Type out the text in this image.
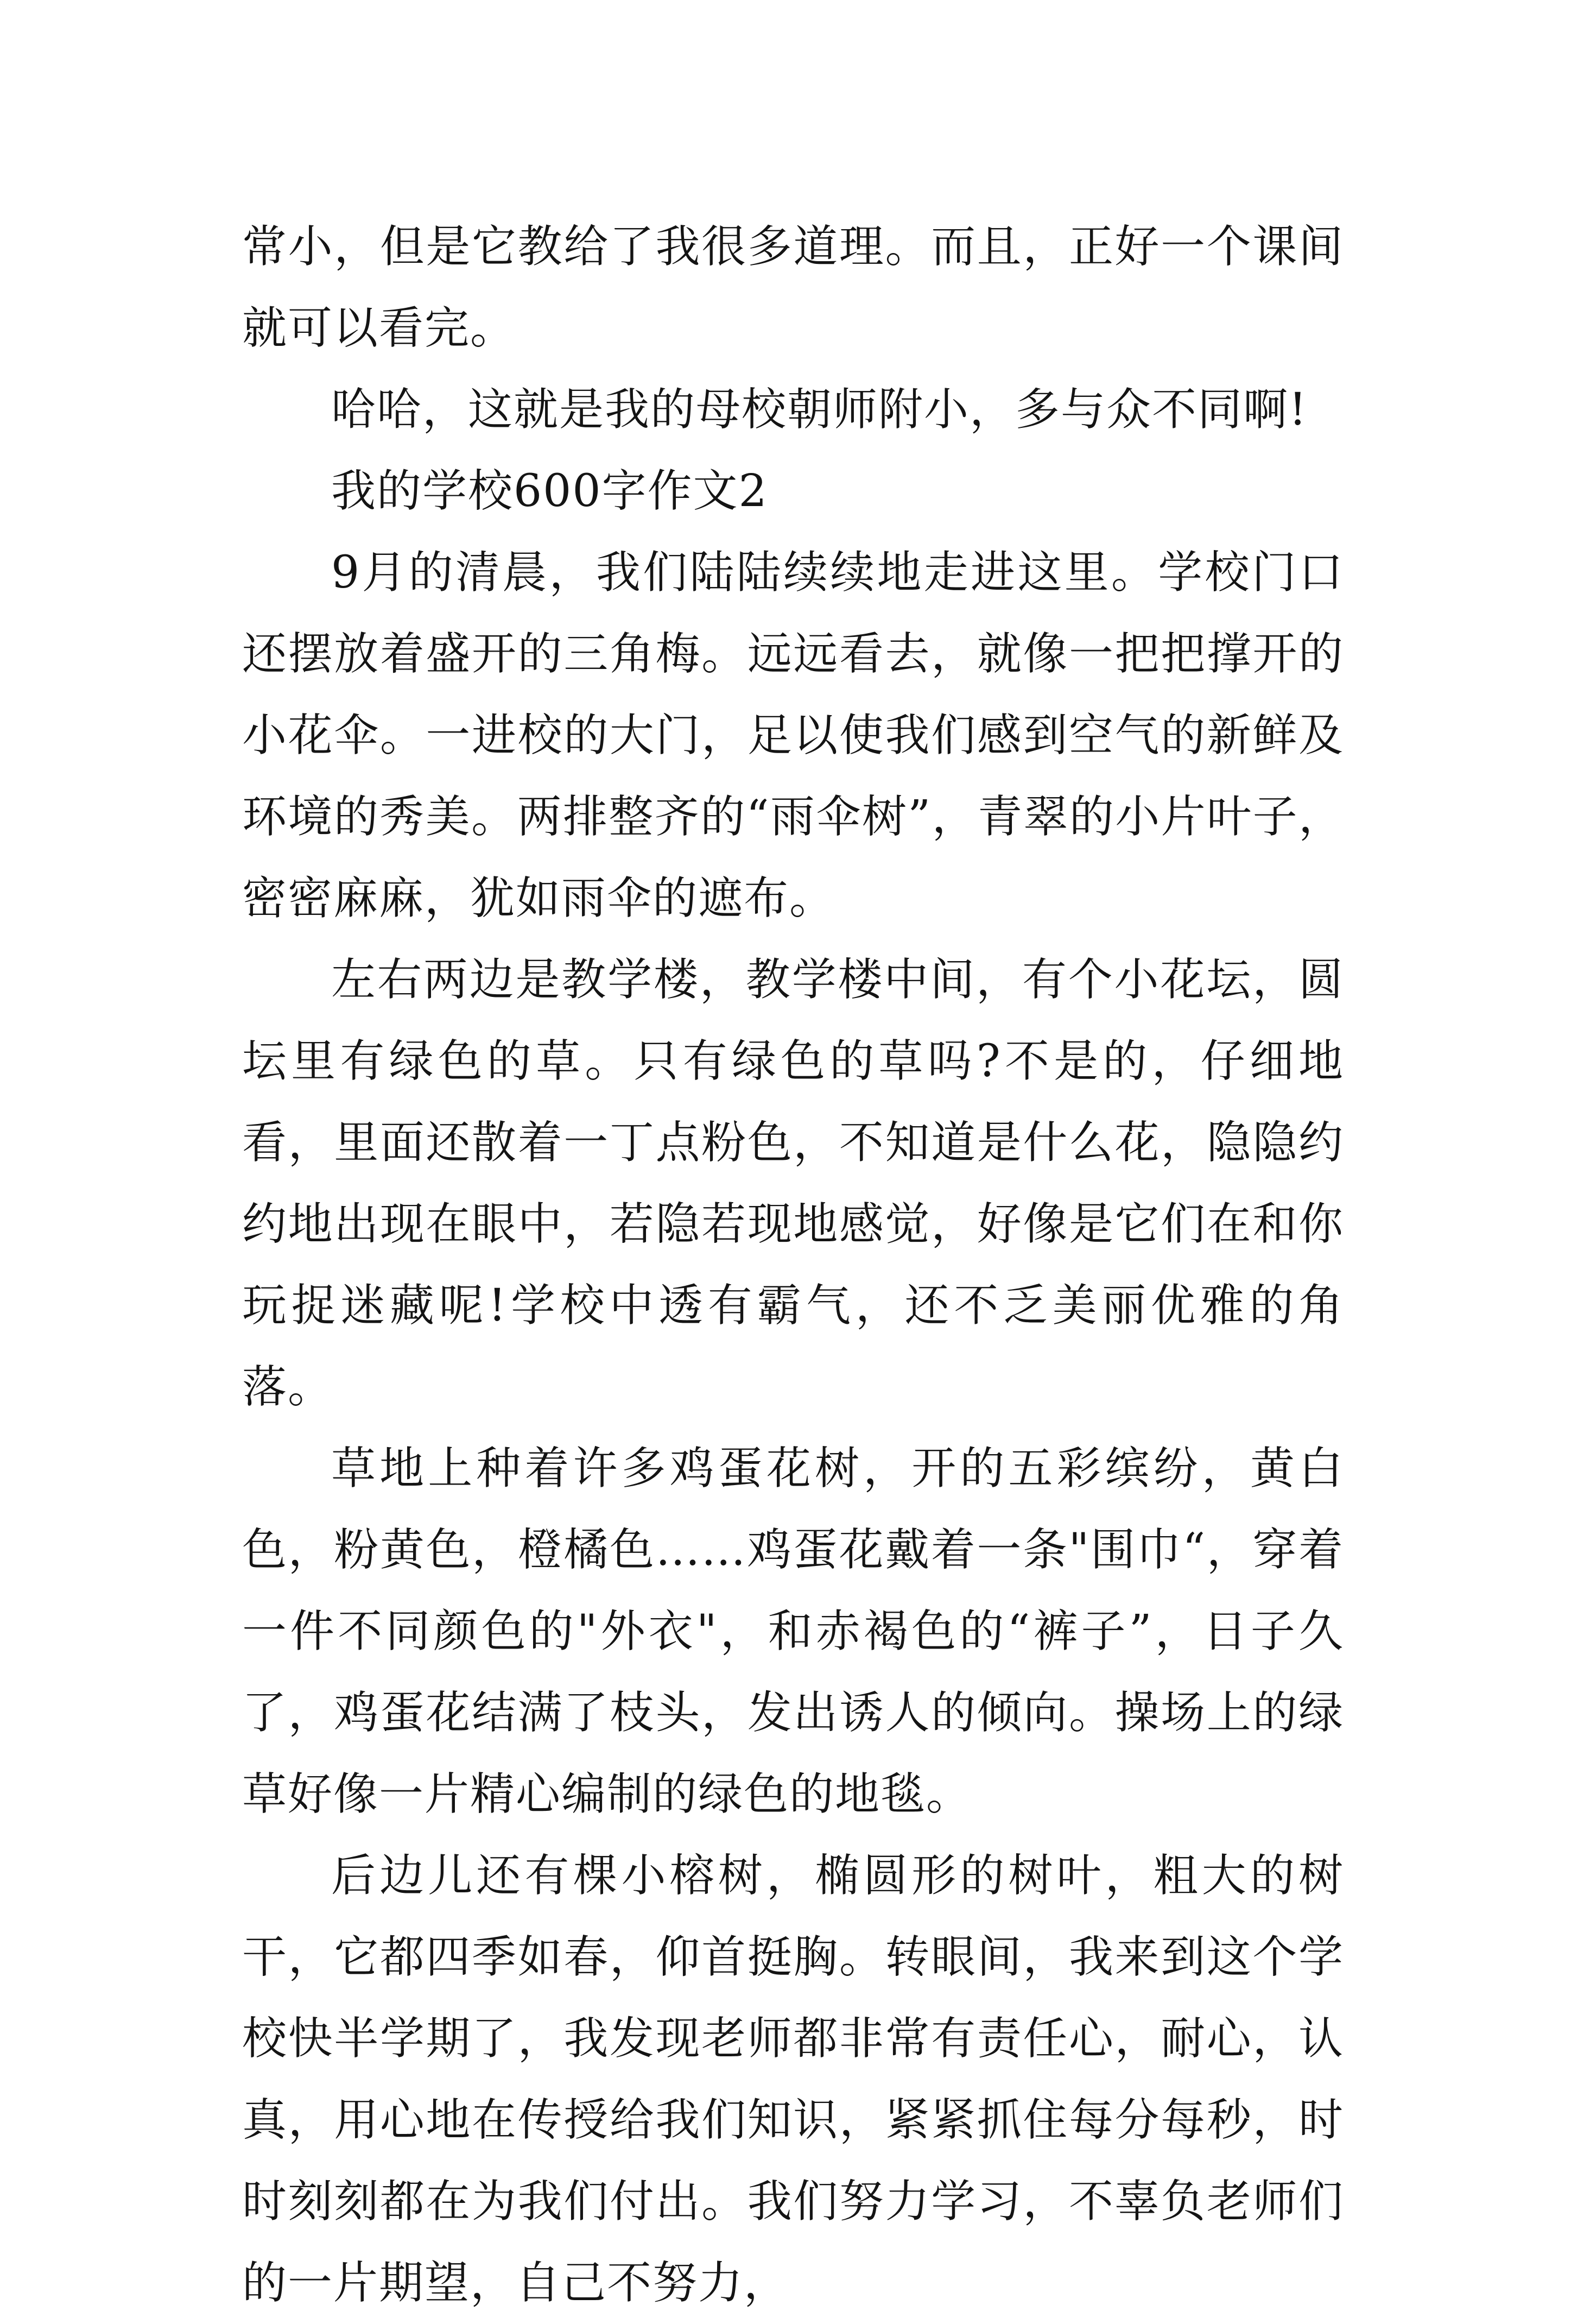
常小，但是它教给了我很多道理。而且，正好一个课间就可以看完。

哈哈，这就是我的母校朝师附小，多与众不同啊!

我的学校600字作文2

9月的清晨，我们陆陆续续地走进这里。学校门口还摆放着盛开的三角梅。远远看去，就像一把把撑开的小花伞。一进校的大门，足以使我们感到空气的新鲜及环境的秀美。两排整齐的“雨伞树”，青翠的小片叶子，密密麻麻，犹如雨伞的遮布。

左右两边是教学楼，教学楼中间，有个小花坛，圆坛里有绿色的草。只有绿色的草吗?不是的，仔细地看，里面还散着一丁点粉色，不知道是什么花，隐隐约约地出现在眼中，若隐若现地感觉，好像是它们在和你玩捉迷藏呢!学校中透有霸气，还不乏美丽优雅的角落。

草地上种着许多鸡蛋花树，开的五彩缤纷，黄白色，粉黄色，橙橘色……鸡蛋花戴着一条"围巾“，穿着一件不同颜色的"外衣"，和赤褐色的“裤子”，日子久了，鸡蛋花结满了枝头，发出诱人的倾向。操场上的绿草好像一片精心编制的绿色的地毯。

后边儿还有棵小榕树，椭圆形的树叶，粗大的树干，它都四季如春，仰首挺胸。转眼间，我来到这个学校快半学期了，我发现老师都非常有责任心，耐心，认真，用心地在传授给我们知识，紧紧抓住每分每秒，时时刻刻都在为我们付出。我们努力学习，不辜负老师们的一片期望，自己不努力，
